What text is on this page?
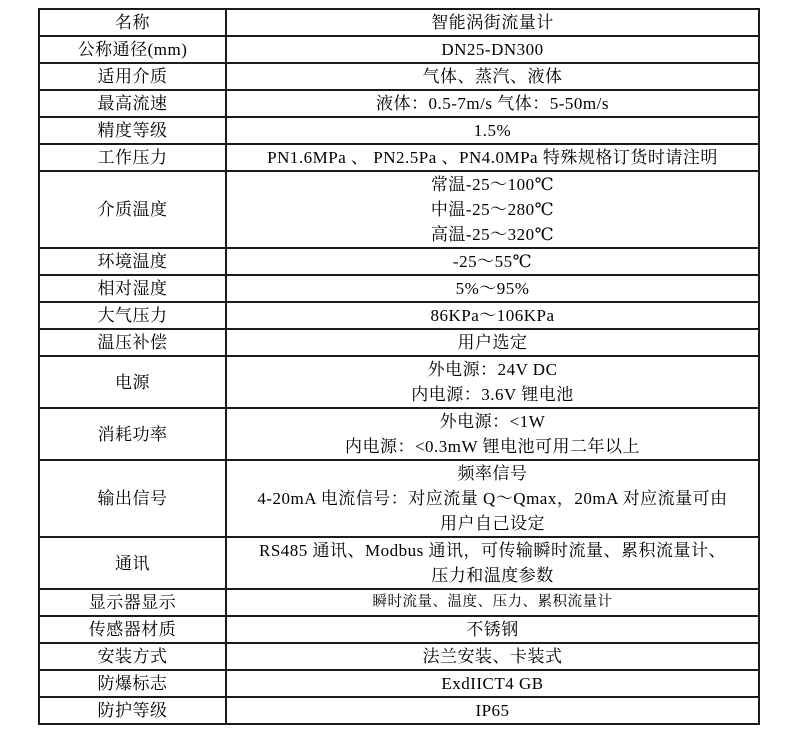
名称	智能涡街流量计

公称通径(mm)	DN25-DN300

适用介质	气体、蒸汽、液体

最高流速	液体：0.5-7m/s 气体：5-50m/s

精度等级	1.5%

工作压力	PN1.6MPa 、 PN2.5Pa 、PN4.0MPa 特殊规格订货时请注明

介质温度	常温-25～100℃
中温-25～280℃
高温-25～320℃

环境温度	-25～55℃

相对湿度	5%～95%

大气压力	86KPa～106KPa

温压补偿	用户选定

电源	外电源：24V DC
内电源：3.6V 锂电池

消耗功率	外电源：<1W
内电源：<0.3mW 锂电池可用二年以上

输出信号	频率信号
4-20mA 电流信号：对应流量 Q～Qmax，20mA 对应流量可由
用户自己设定

通讯	RS485 通讯、Modbus 通讯，可传输瞬时流量、累积流量计、
压力和温度参数

显示器显示	瞬时流量、温度、压力、累积流量计

传感器材质	不锈钢

安装方式	法兰安装、卡装式

防爆标志	ExdIICT4 GB

防护等级	IP65
